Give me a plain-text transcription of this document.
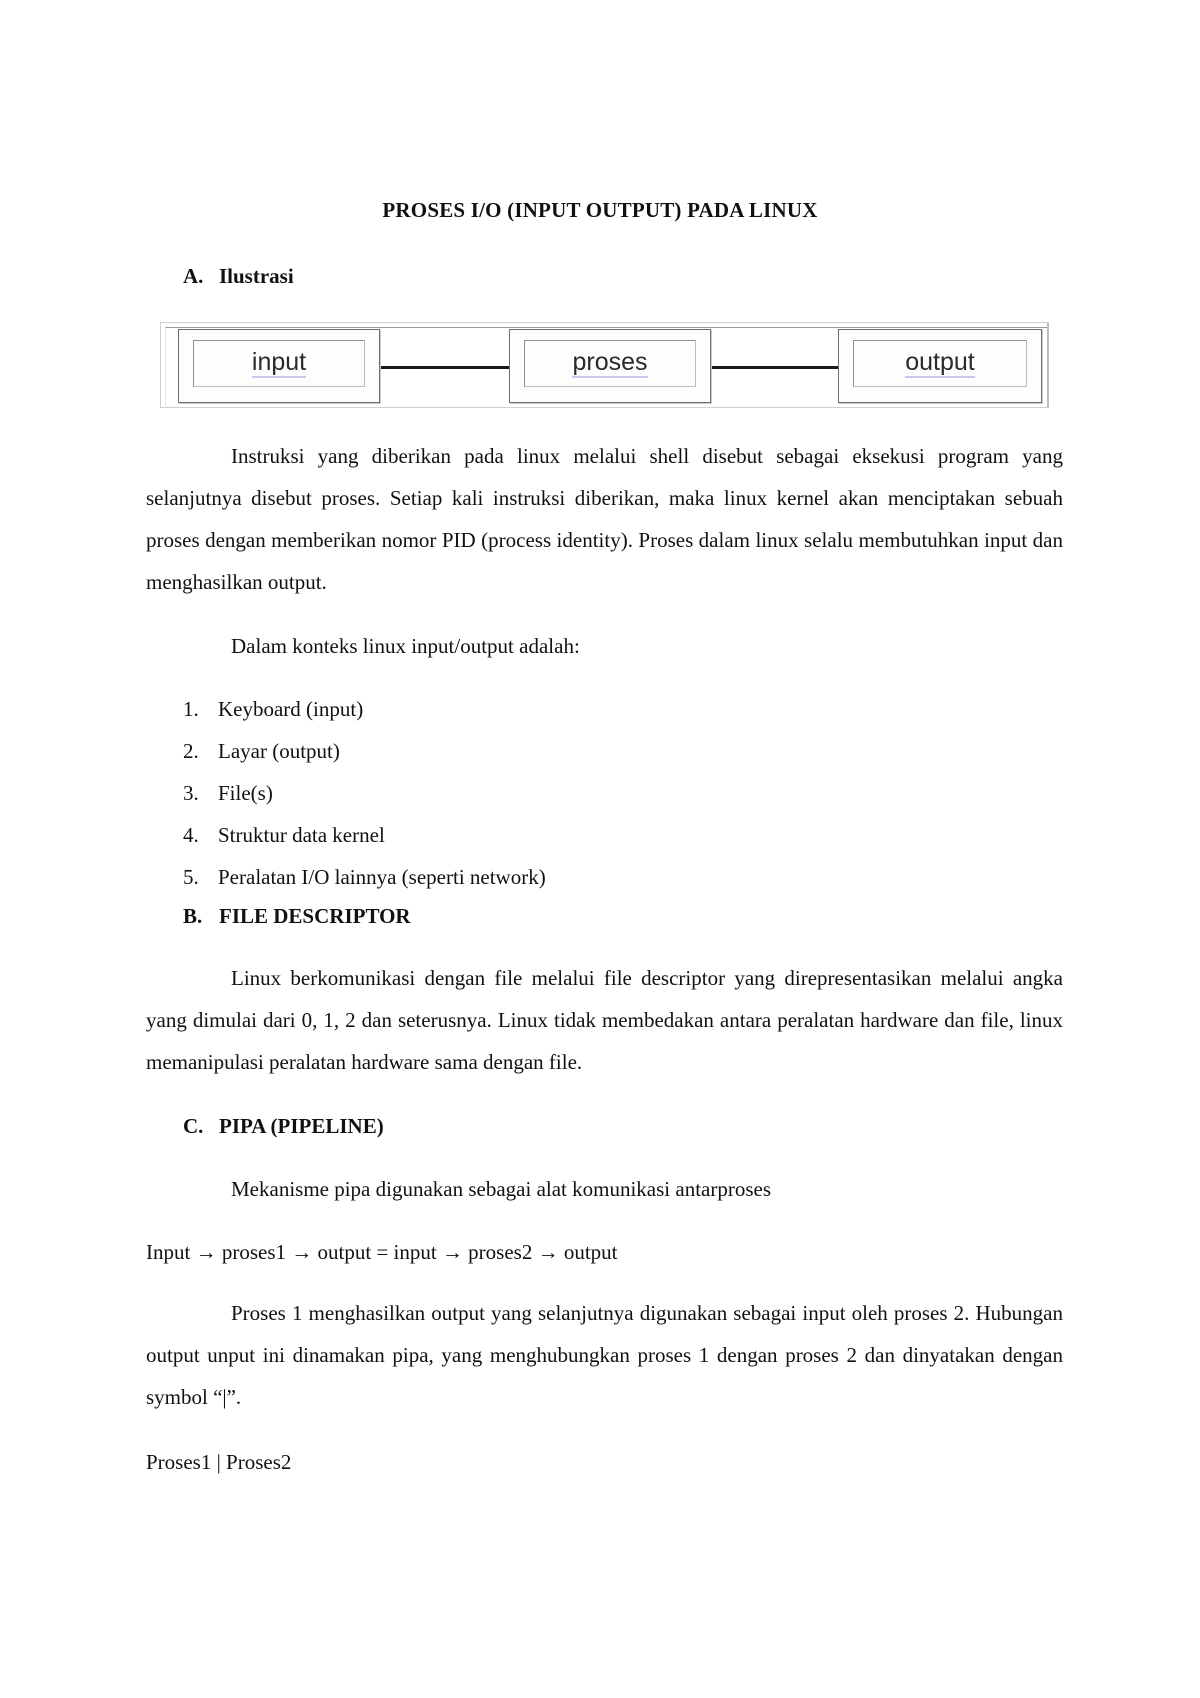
PROSES I/O (INPUT OUTPUT) PADA LINUX
A. Ilustrasi
input	proses	output
Instruksi yang diberikan pada linux melalui shell disebut sebagai eksekusi program yang selanjutnya disebut proses. Setiap kali instruksi diberikan, maka linux kernel akan menciptakan sebuah proses dengan memberikan nomor PID (process identity). Proses dalam linux selalu membutuhkan input dan menghasilkan output.
Dalam konteks linux input/output adalah:
1. Keyboard (input)
2. Layar (output)
3. File(s)
4. Struktur data kernel
5. Peralatan I/O lainnya (seperti network)
B. FILE DESCRIPTOR
Linux berkomunikasi dengan file melalui file descriptor yang direpresentasikan melalui angka yang dimulai dari 0, 1, 2 dan seterusnya. Linux tidak membedakan antara peralatan hardware dan file, linux memanipulasi peralatan hardware sama dengan file.
C. PIPA (PIPELINE)
Mekanisme pipa digunakan sebagai alat komunikasi antarproses
Input → proses1 → output = input → proses2 → output
Proses 1 menghasilkan output yang selanjutnya digunakan sebagai input oleh proses 2. Hubungan output unput ini dinamakan pipa, yang menghubungkan proses 1 dengan proses 2 dan dinyatakan dengan symbol “|”.
Proses1 | Proses2
